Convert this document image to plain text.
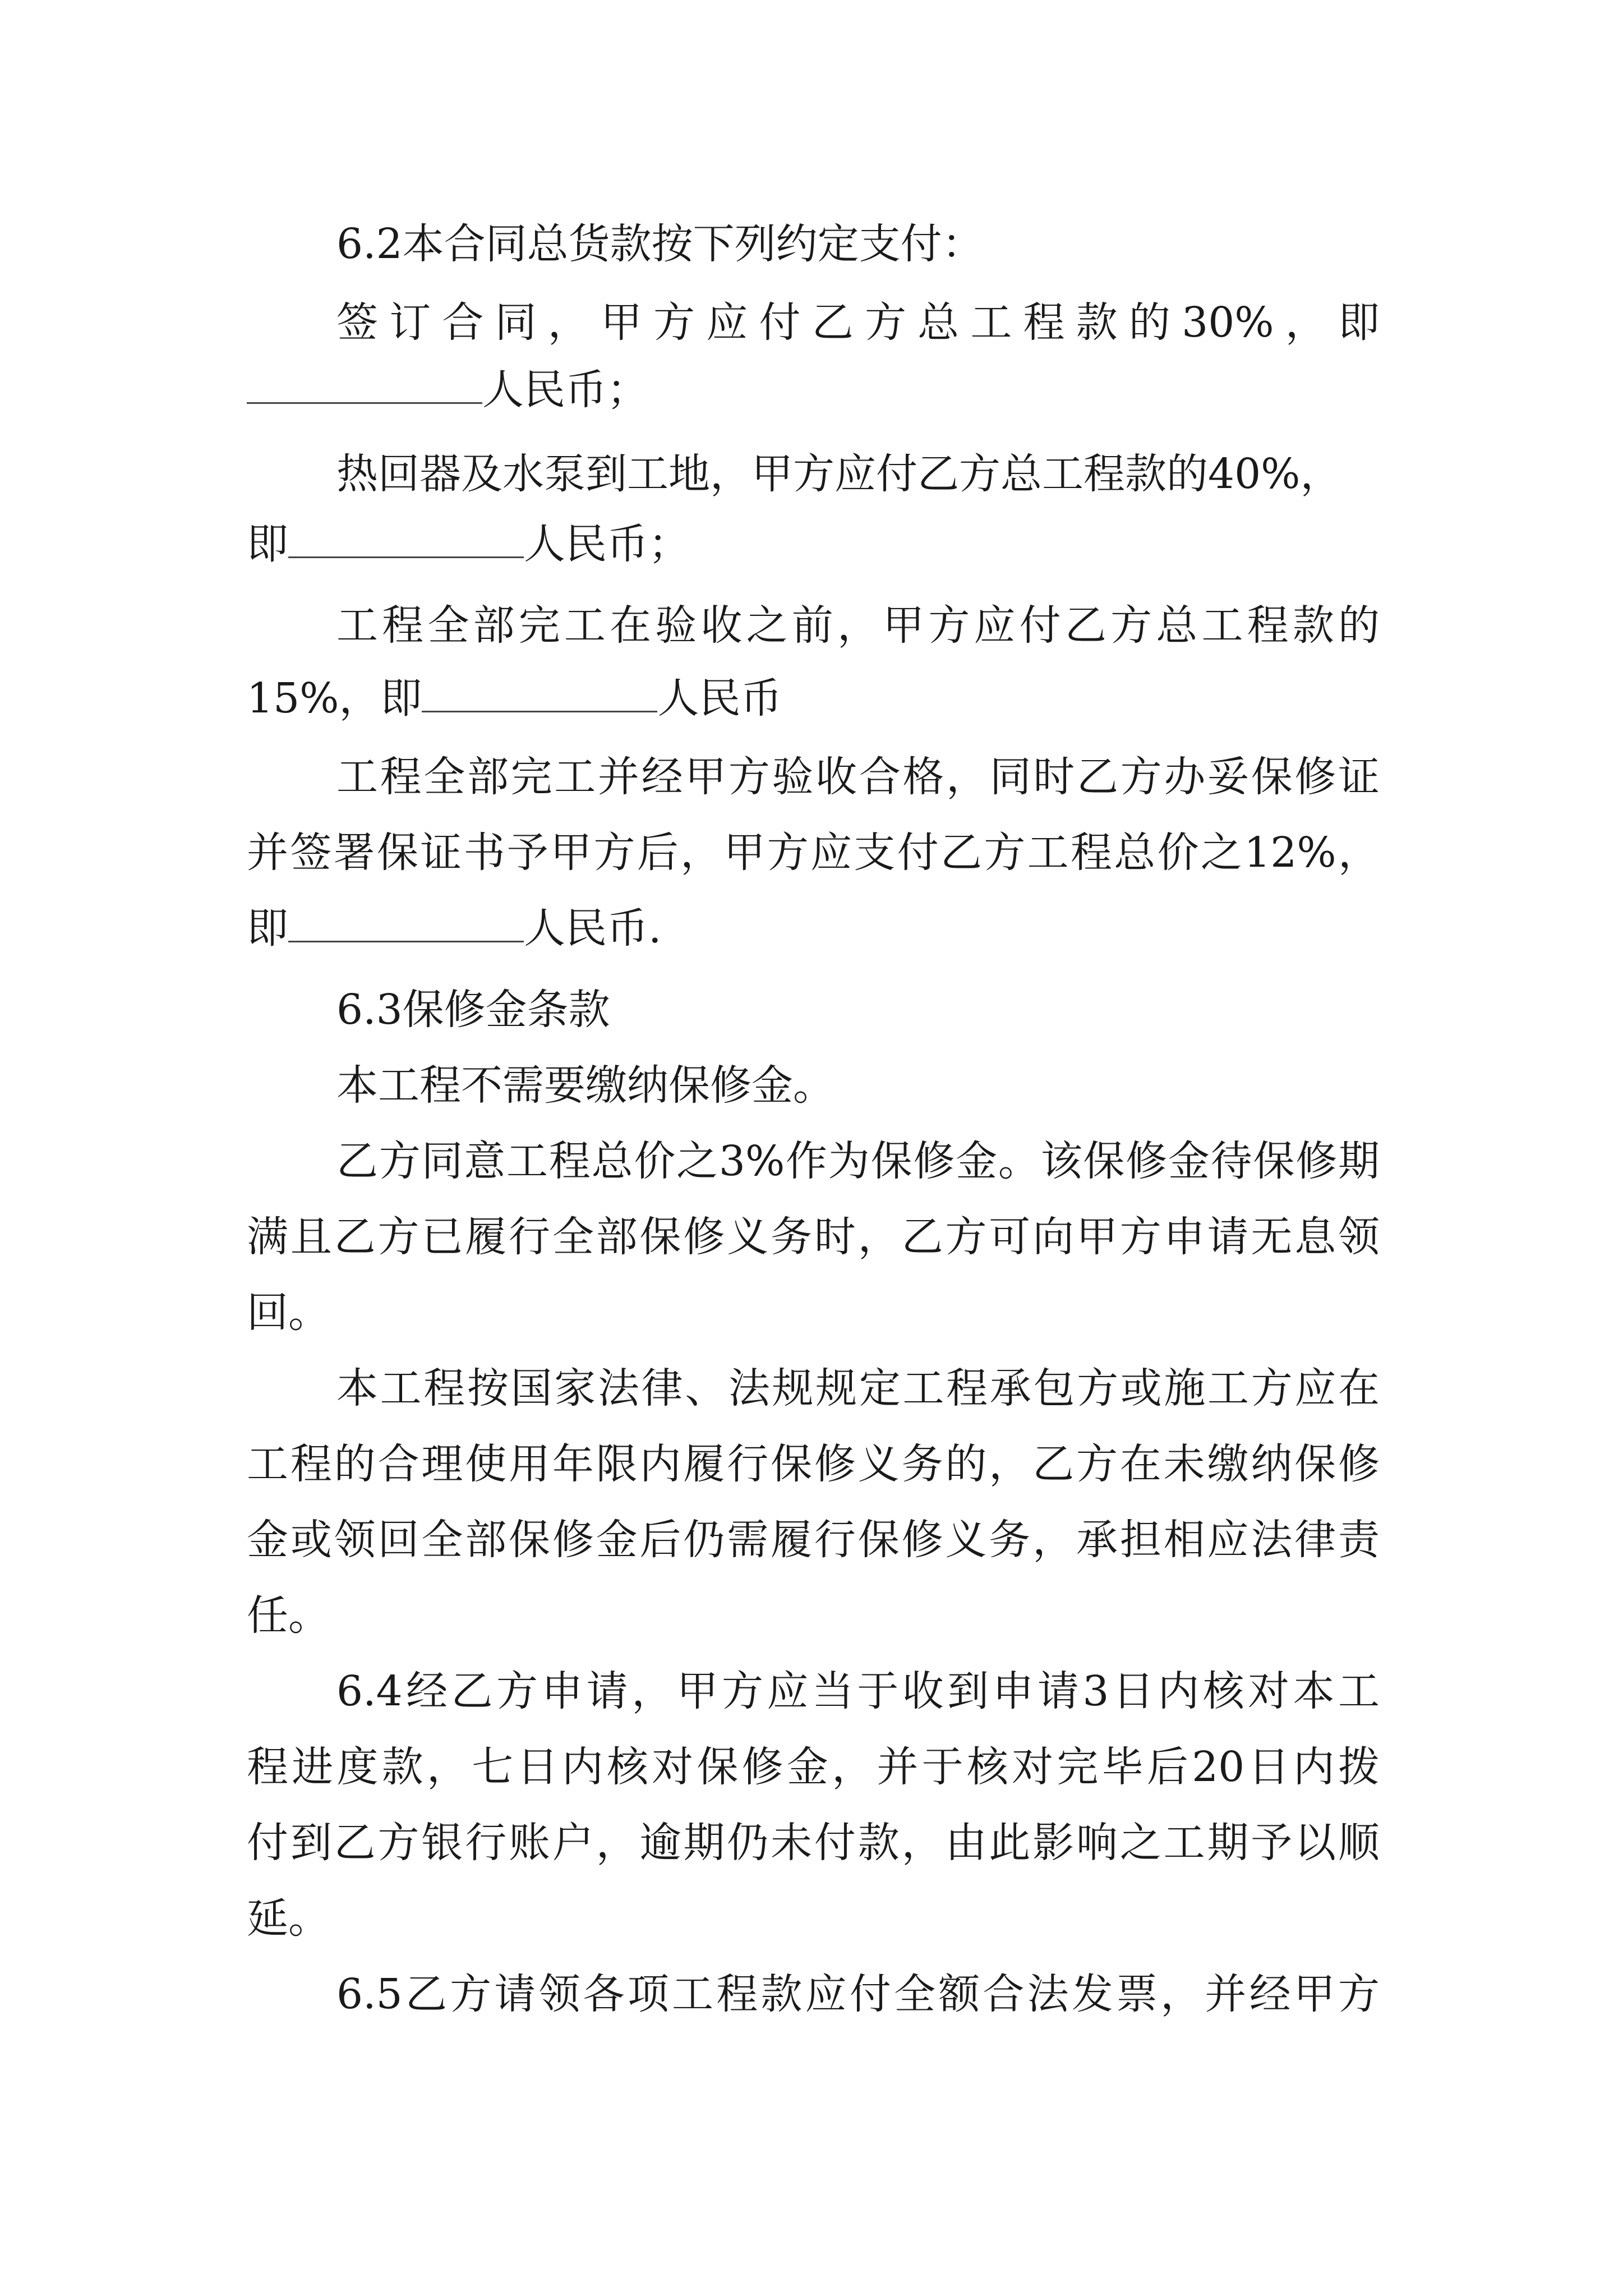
6.2本合同总货款按下列约定支付：
签订合同，甲方应付乙方总工程款的30%，即
人民币；
热回器及水泵到工地，甲方应付乙方总工程款的40%，
即	人民币；
工程全部完工在验收之前，甲方应付乙方总工程款的
15%，即	人民币
工程全部完工并经甲方验收合格，同时乙方办妥保修证
并签署保证书予甲方后，甲方应支付乙方工程总价之12%，
即	人民币.
6.3保修金条款
本工程不需要缴纳保修金。
乙方同意工程总价之3%作为保修金。该保修金待保修期
满且乙方已履行全部保修义务时，乙方可向甲方申请无息领
回。
本工程按国家法律、法规规定工程承包方或施工方应在
工程的合理使用年限内履行保修义务的，乙方在未缴纳保修
金或领回全部保修金后仍需履行保修义务，承担相应法律责
任。
6.4经乙方申请，甲方应当于收到申请3日内核对本工
程进度款，七日内核对保修金，并于核对完毕后20日内拨
付到乙方银行账户，逾期仍未付款，由此影响之工期予以顺
延。
6.5乙方请领各项工程款应付全额合法发票，并经甲方
